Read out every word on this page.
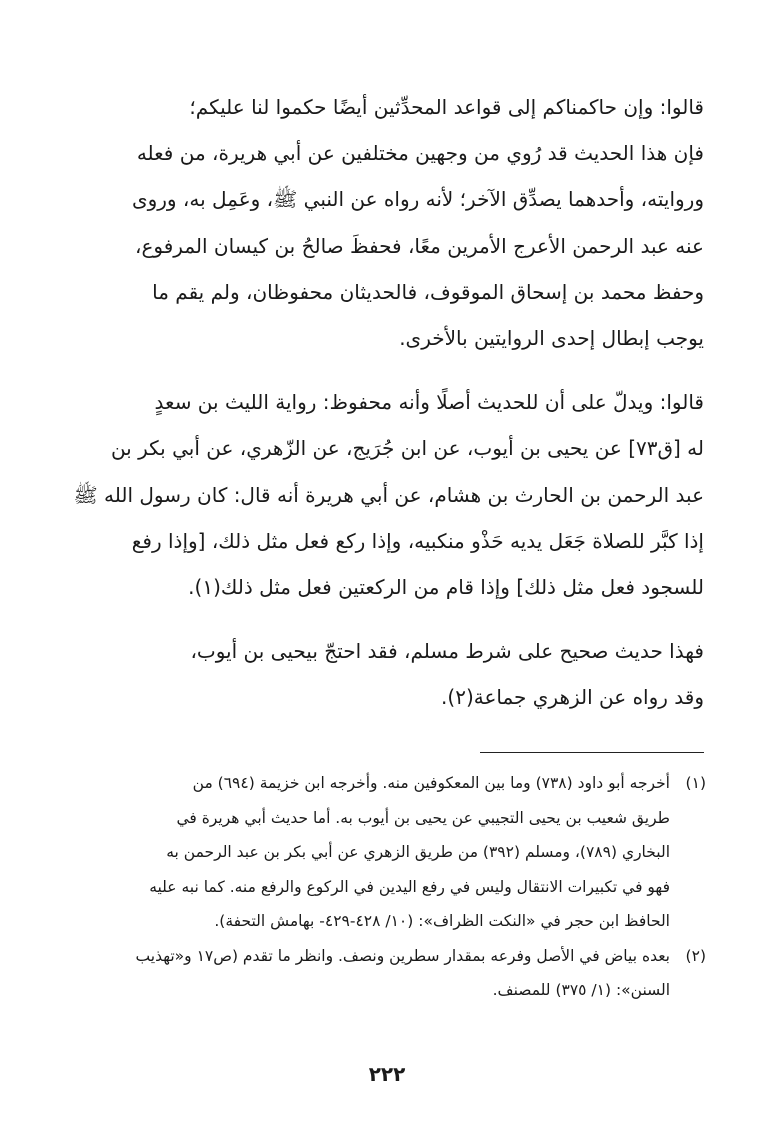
قالوا: وإن حاكمناكم إلى قواعد المحدِّثين أيضًا حكموا لنا عليكم؛
فإن هذا الحديث قد رُوي من وجهين مختلفين عن أبي هريرة، من فعله
وروايته، وأحدهما يصدِّق الآخر؛ لأنه رواه عن النبي ﷺ، وعَمِل به، وروى
عنه عبد الرحمن الأعرج الأمرين معًا، فحفظَ صالحُ بن كيسان المرفوع،
وحفظ محمد بن إسحاق الموقوف، فالحديثان محفوظان، ولم يقم ما
يوجب إبطال إحدى الروايتين بالأخرى.

قالوا: ويدلّ على أن للحديث أصلًا وأنه محفوظ: رواية الليث بن سعدٍ
له [ق٧٣] عن يحيى بن أيوب، عن ابن جُرَيج، عن الزّهري، عن أبي بكر بن
عبد الرحمن بن الحارث بن هشام، عن أبي هريرة أنه قال: كان رسول الله ﷺ
إذا كبَّر للصلاة جَعَل يديه حَذْو منكبيه، وإذا ركع فعل مثل ذلك، [وإذا رفع
للسجود فعل مثل ذلك] وإذا قام من الركعتين فعل مثل ذلك(١).

فهذا حديث صحيح على شرط مسلم، فقد احتجّ بيحيى بن أيوب،
وقد رواه عن الزهري جماعة(٢).

(١)
أخرجه أبو داود (٧٣٨) وما بين المعكوفين منه. وأخرجه ابن خزيمة (٦٩٤) من
طريق شعيب بن يحيى التجيبي عن يحيى بن أيوب به. أما حديث أبي هريرة في
البخاري (٧٨٩)، ومسلم (٣٩٢) من طريق الزهري عن أبي بكر بن عبد الرحمن به
فهو في تكبيرات الانتقال وليس في رفع اليدين في الركوع والرفع منه. كما نبه عليه
الحافظ ابن حجر في «النكت الظراف»: (١٠/ ٤٢٨-٤٢٩- بهامش التحفة).
(٢)
بعده بياض في الأصل وفرعه بمقدار سطرين ونصف. وانظر ما تقدم (ص١٧ و«تهذيب
السنن»: (١/ ٣٧٥) للمصنف.
٢٢٢
